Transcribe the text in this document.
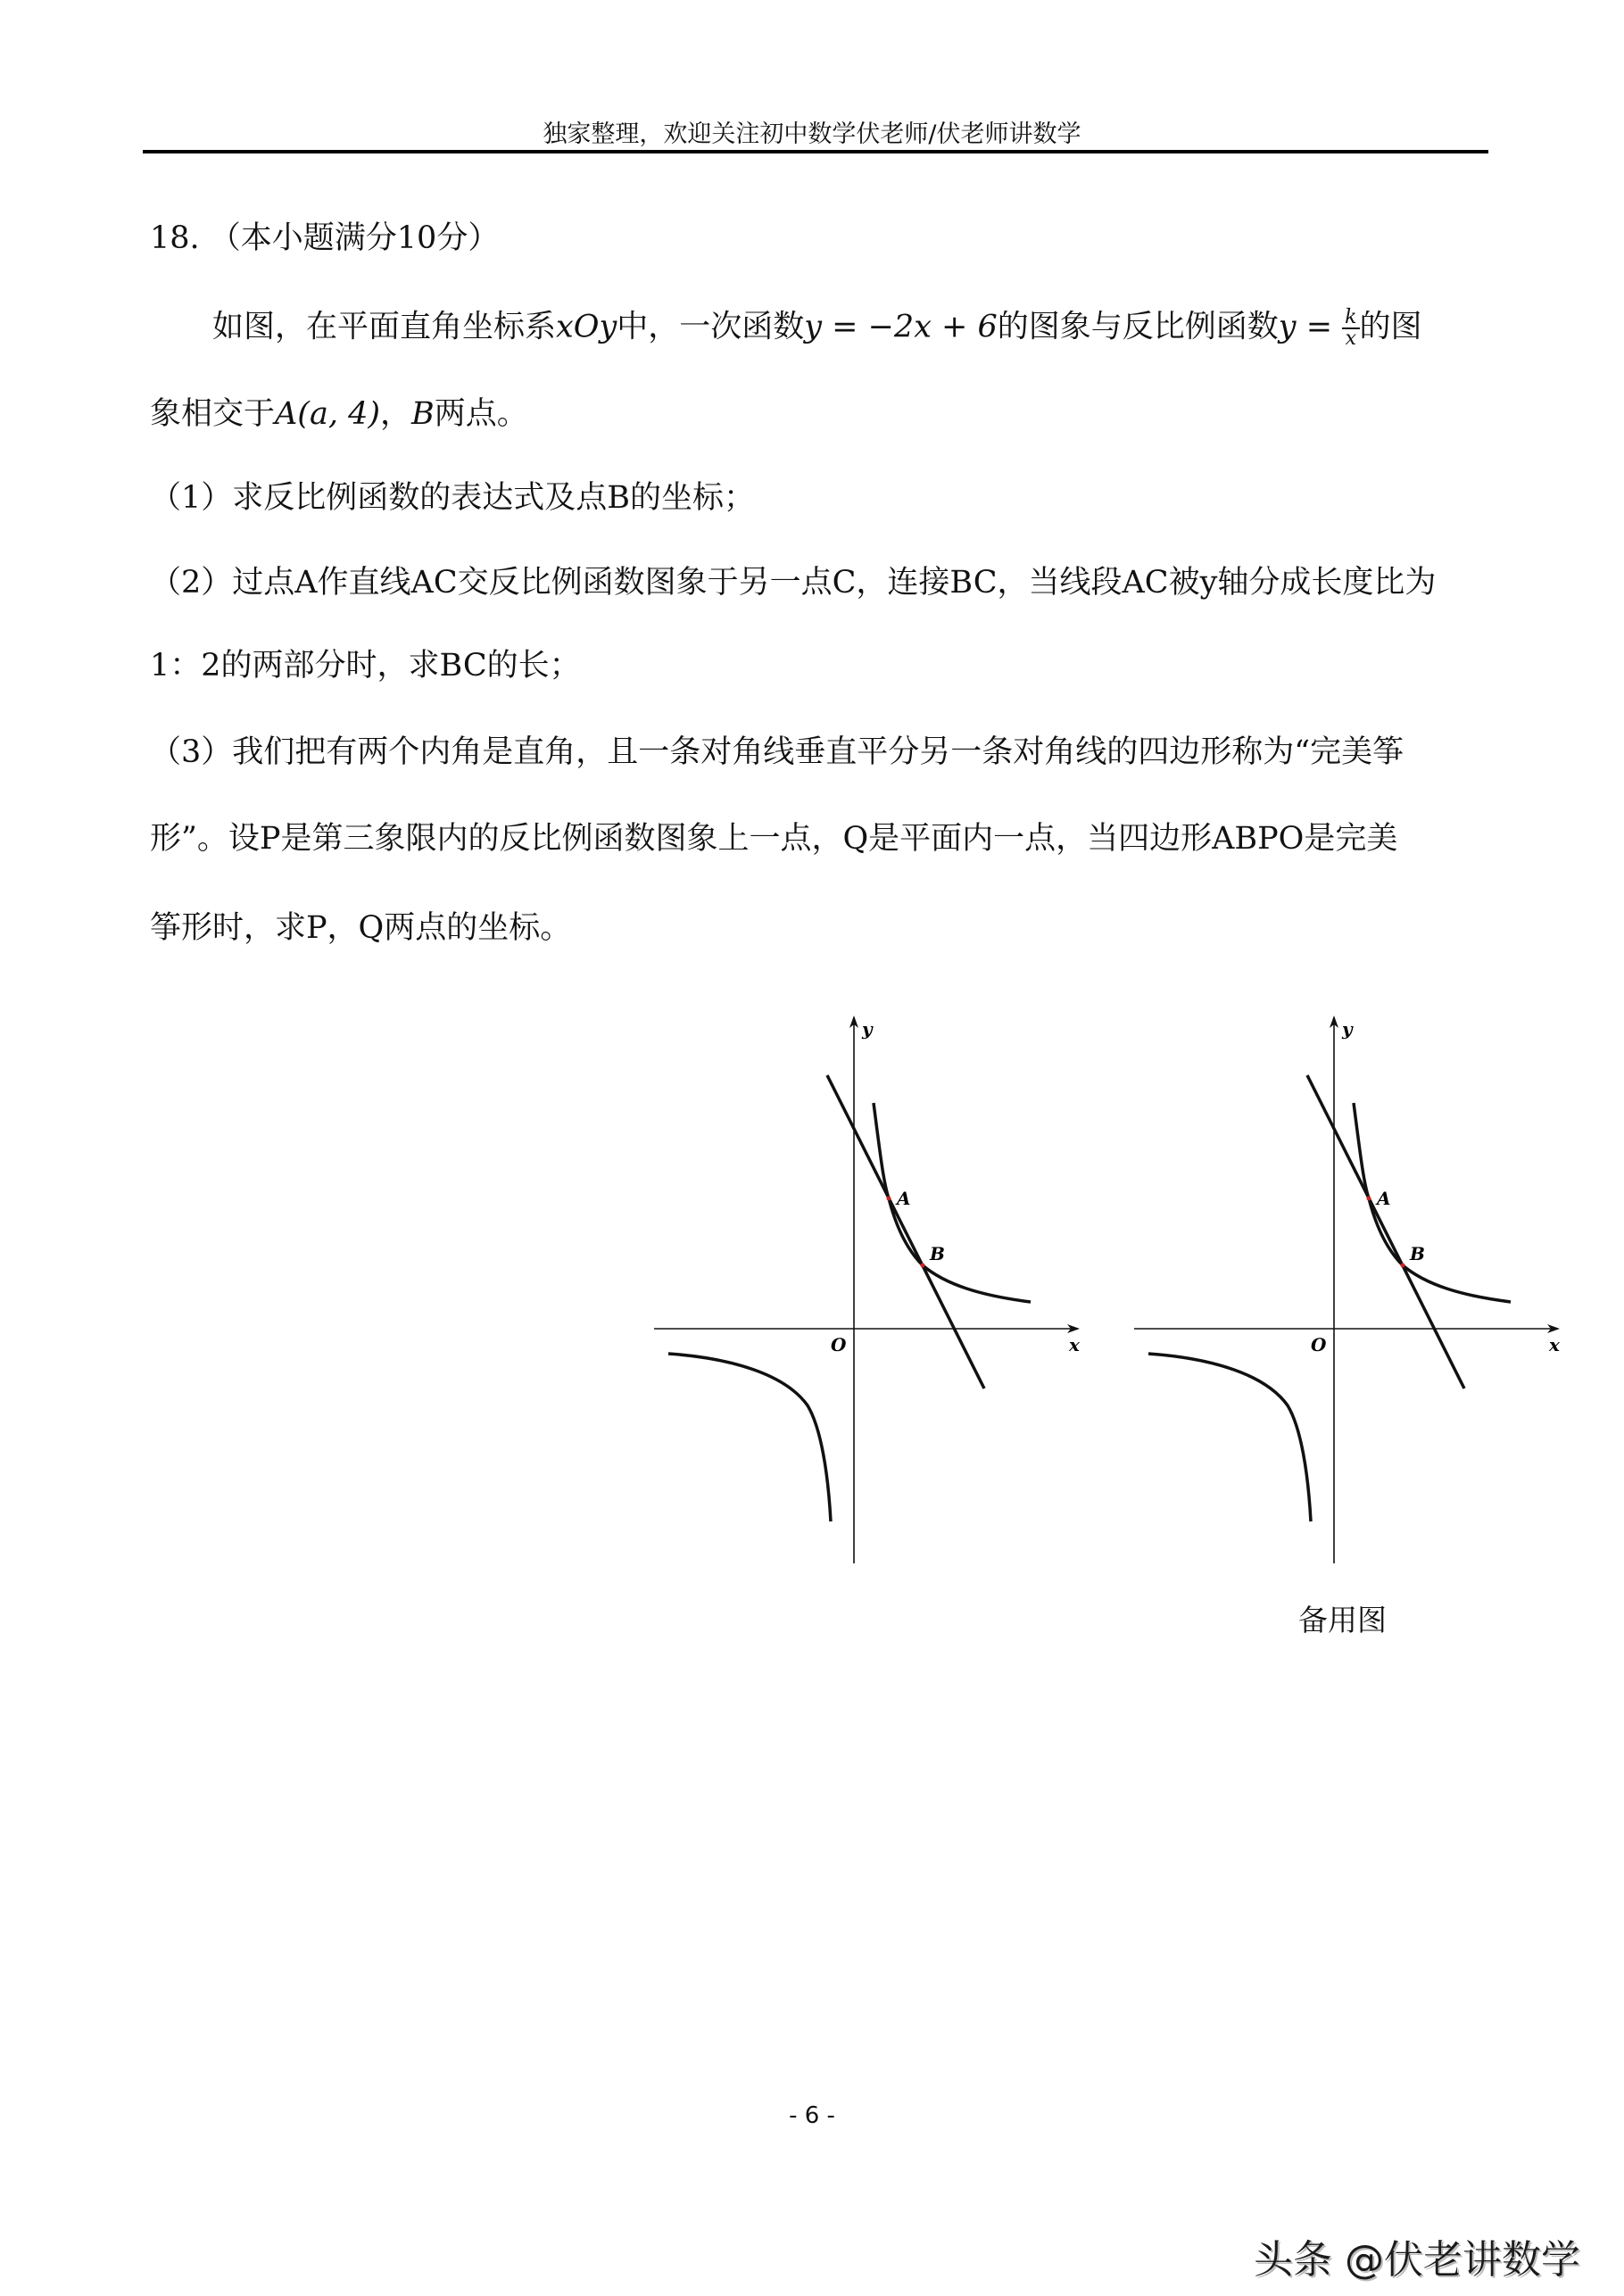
独家整理，欢迎关注初中数学伏老师/伏老师讲数学
18. （本小题满分10分）
如图，在平面直角坐标系xOy中，一次函数y = −2x + 6的图象与反比例函数$y = \frac{k}{x}$ 的图
象相交于A(a, 4)，B两点。
（1）求反比例函数的表达式及点B的坐标；
（2）过点A作直线AC交反比例函数图象于另一点C，连接BC，当线段AC被y轴分成长度比为
1：2的两部分时，求BC的长；
（3）我们把有两个内角是直角，且一条对角线垂直平分另一条对角线的四边形称为“完美筝
形”。设P是第三象限内的反比例函数图象上一点，Q是平面内一点，当四边形ABPO是完美
筝形时，求P，Q两点的坐标。
y
x
O
A
B
y
x
O
A
B
备用图
- 6 -
头条 @伏老讲数学
